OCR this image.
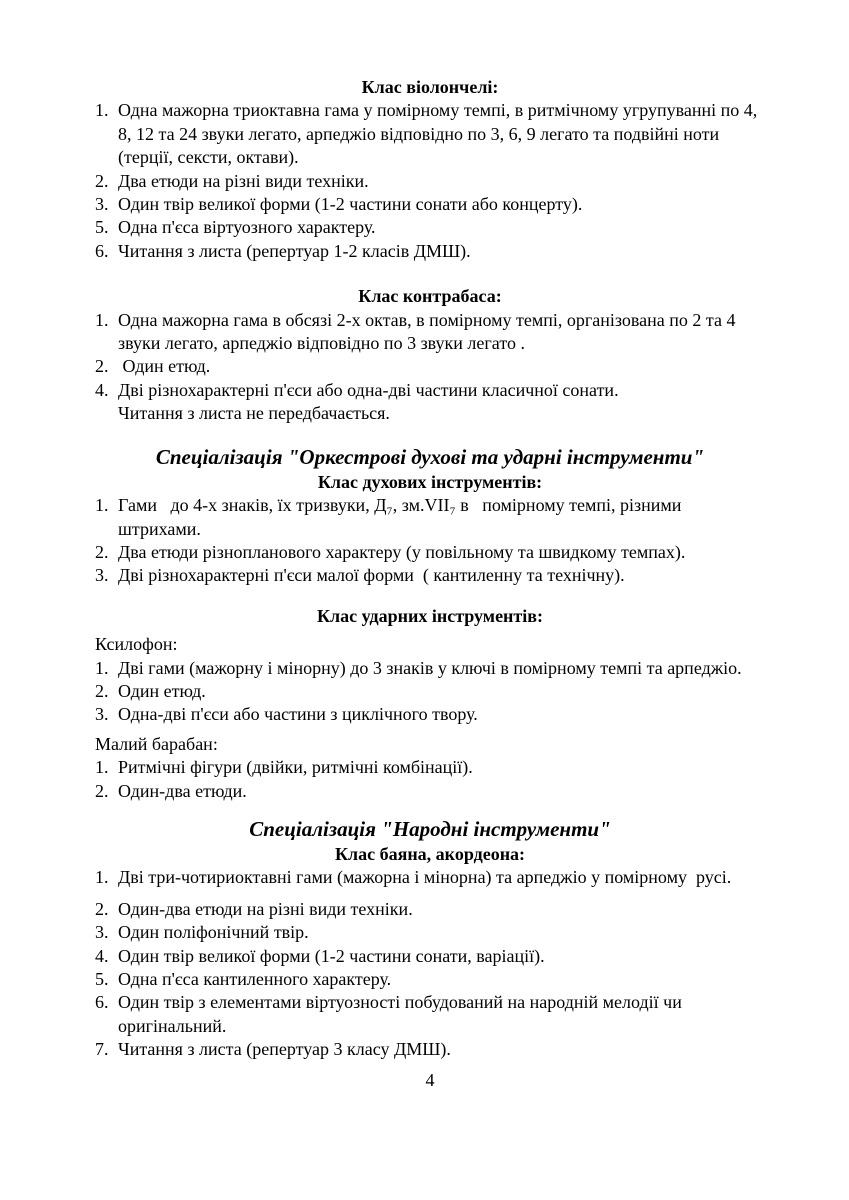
Клас віолончелі:
1. Одна мажорна триоктавна гама у помірному темпі, в ритмічному угрупуванні по 4, 8, 12 та 24 звуки легато, арпеджіо відповідно по 3, 6, 9 легато та подвійні ноти (терції, сексти, октави).
2. Два етюди на різні види техніки.
3. Один твір великої форми (1-2 частини сонати або концерту).
5. Одна п'єса віртуозного характеру.
6. Читання з листа (репертуар 1-2 класів ДМШ).
Клас контрабаса:
1. Одна мажорна гама в обсязі 2-х октав, в помірному темпі, організована по 2 та 4 звуки легато, арпеджіо відповідно по 3 звуки легато .
2. Один етюд.
4. Дві різнохарактерні п'єси або одна-дві частини класичної сонати.
Читання з листа не передбачається.
Спеціалізація "Оркестрові духові та ударні інструменти"
Клас духових інструментів:
1. Гами   до 4-х знаків, їх тризвуки, Д₇, зм.VII₇ в   помірному темпі, різними штрихами.
2. Два етюди різнопланового характеру (у повільному та швидкому темпах).
3. Дві різнохарактерні п'єси малої форми  ( кантиленну та технічну).
Клас ударних інструментів:

Ксилофон:

1. Дві гами (мажорну і мінорну) до 3 знаків у ключі в помірному темпі та арпеджіо.
2. Один етюд.
3. Одна-дві п'єси або частини з циклічного твору.

Малий барабан:

1. Ритмічні фігури (двійки, ритмічні комбінації).
2. Один-два етюди.
Спеціалізація "Народні інструменти"
Клас баяна, акордеона:
1. Дві три-чотириоктавні гами (мажорна і мінорна) та арпеджіо у помірному  русі.
2. Один-два етюди на різні види техніки.
3. Один поліфонічний твір.
4. Один твір великої форми (1-2 частини сонати, варіації).
5. Одна п'єса кантиленного характеру.
6. Один твір з елементами віртуозності побудований на народній мелодії чи оригінальний.
7. Читання з листа (репертуар 3 класу ДМШ).
4
